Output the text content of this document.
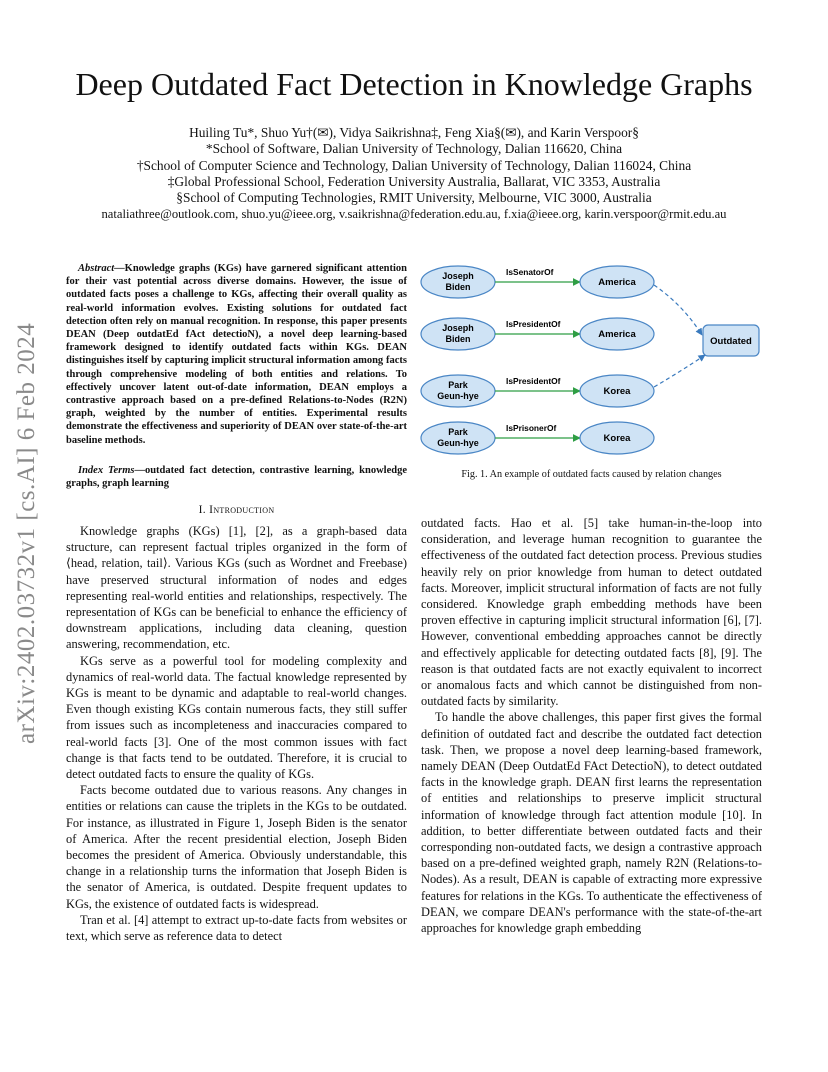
arXiv:2402.03732v1 [cs.AI] 6 Feb 2024
Deep Outdated Fact Detection in Knowledge Graphs
Huiling Tu*, Shuo Yu†(✉), Vidya Saikrishna‡, Feng Xia§(✉), and Karin Verspoor§
*School of Software, Dalian University of Technology, Dalian 116620, China
†School of Computer Science and Technology, Dalian University of Technology, Dalian 116024, China
‡Global Professional School, Federation University Australia, Ballarat, VIC 3353, Australia
§School of Computing Technologies, RMIT University, Melbourne, VIC 3000, Australia
nataliathree@outlook.com, shuo.yu@ieee.org, v.saikrishna@federation.edu.au, f.xia@ieee.org, karin.verspoor@rmit.edu.au
Abstract—Knowledge graphs (KGs) have garnered significant attention for their vast potential across diverse domains. However, the issue of outdated facts poses a challenge to KGs, affecting their overall quality as real-world information evolves. Existing solutions for outdated fact detection often rely on manual recognition. In response, this paper presents DEAN (Deep outdatEd fAct detectioN), a novel deep learning-based framework designed to identify outdated facts within KGs. DEAN distinguishes itself by capturing implicit structural information among facts through comprehensive modeling of both entities and relations. To effectively uncover latent out-of-date information, DEAN employs a contrastive approach based on a pre-defined Relations-to-Nodes (R2N) graph, weighted by the number of entities. Experimental results demonstrate the effectiveness and superiority of DEAN over state-of-the-art baseline methods.
Index Terms—outdated fact detection, contrastive learning, knowledge graphs, graph learning
I. Introduction

Knowledge graphs (KGs) [1], [2], as a graph-based data structure, can represent factual triples organized in the form of ⟨head, relation, tail⟩. Various KGs (such as Wordnet and Freebase) have preserved structural information of nodes and edges representing real-world entities and relationships, respectively. The representation of KGs can be beneficial to enhance the efficiency of downstream applications, including data cleaning, question answering, recommendation, etc.

KGs serve as a powerful tool for modeling complexity and dynamics of real-world data. The factual knowledge represented by KGs is meant to be dynamic and adaptable to real-world changes. Even though existing KGs contain numerous facts, they still suffer from issues such as incompleteness and inaccuracies compared to real-world facts [3]. One of the most common issues with fact change is that facts tend to be outdated. Therefore, it is crucial to detect outdated facts to ensure the quality of KGs.

Facts become outdated due to various reasons. Any changes in entities or relations can cause the triplets in the KGs to be outdated. For instance, as illustrated in Figure 1, Joseph Biden is the senator of America. After the recent presidential election, Joseph Biden becomes the president of America. Obviously understandable, this change in a relationship turns the information that Joseph Biden is the senator of America, is outdated. Despite frequent updates to KGs, the existence of outdated facts is widespread.

Tran et al. [4] attempt to extract up-to-date facts from websites or text, which serve as reference data to detect

outdated facts. Hao et al. [5] take human-in-the-loop into consideration, and leverage human recognition to guarantee the effectiveness of the outdated fact detection process. Previous studies heavily rely on prior knowledge from human to detect outdated facts. Moreover, implicit structural information of facts are not fully considered. Knowledge graph embedding methods have been proven effective in capturing implicit structural information [6], [7]. However, conventional embedding approaches cannot be directly and effectively applicable for detecting outdated facts [8], [9]. The reason is that outdated facts are not exactly equivalent to incorrect or anomalous facts and which cannot be distinguished from non-outdated facts by similarity.

To handle the above challenges, this paper first gives the formal definition of outdated fact and describe the outdated fact detection task. Then, we propose a novel deep learning-based framework, namely DEAN (Deep OutdatEd FAct DetectioN), to detect outdated facts in the knowledge graph. DEAN first learns the representation of entities and relationships to preserve implicit structural information of knowledge through fact attention module [10]. In addition, to better differentiate between outdated facts and their corresponding non-outdated facts, we design a contrastive approach based on a pre-defined weighted graph, namely R2N (Relations-to-Nodes). As a result, DEAN is capable of extracting more expressive features for relations in the KGs. To authenticate the effectiveness of DEAN, we compare DEAN's performance with the state-of-the-art approaches for knowledge graph embedding

Joseph
Biden
IsSenatorOf
America
Joseph
Biden
IsPresidentOf
America
Park
Geun-hye
IsPresidentOf
Korea
Park
Geun-hye
IsPrisonerOf
Korea
Outdated
Fig. 1. An example of outdated facts caused by relation changes
